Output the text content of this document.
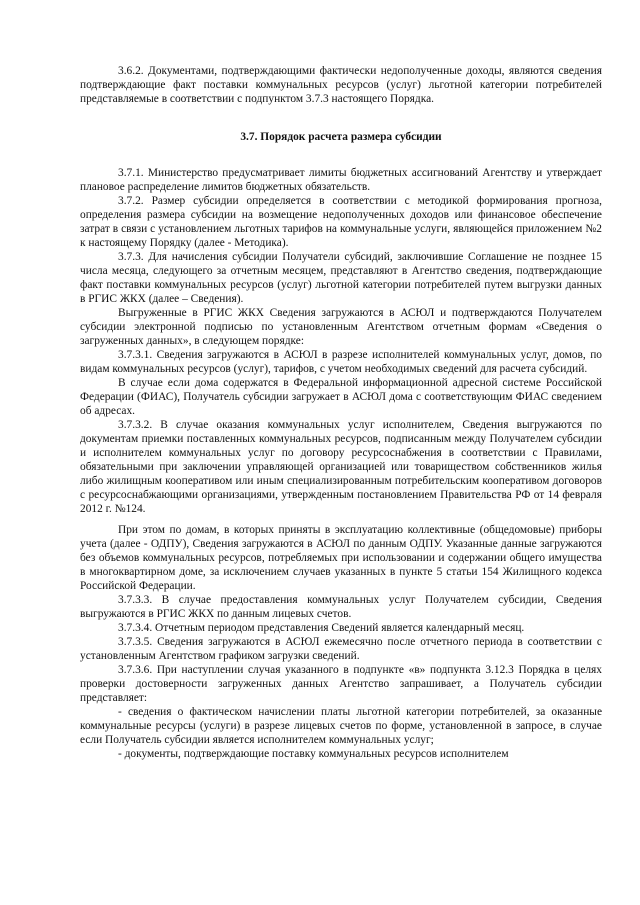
3.6.2. Документами, подтверждающими фактически недополученные доходы, являются сведения подтверждающие факт поставки коммунальных ресурсов (услуг) льготной категории потребителей представляемые в соответствии с подпунктом 3.7.3 настоящего Порядка.

3.7. Порядок расчета размера субсидии

3.7.1. Министерство предусматривает лимиты бюджетных ассигнований Агентству и утверждает плановое распределение лимитов бюджетных обязательств.

3.7.2. Размер субсидии определяется в соответствии с методикой формирования прогноза, определения размера субсидии на возмещение недополученных доходов или финансовое обеспечение затрат в связи с установлением льготных тарифов на коммунальные услуги, являющейся приложением №2 к настоящему Порядку (далее - Методика).

3.7.3. Для начисления субсидии Получатели субсидий, заключившие Соглашение не позднее 15 числа месяца, следующего за отчетным месяцем, представляют в Агентство сведения, подтверждающие факт поставки коммунальных ресурсов (услуг) льготной категории потребителей путем выгрузки данных в РГИС ЖКХ (далее – Сведения).

Выгруженные в РГИС ЖКХ Сведения загружаются в АСЮЛ и подтверждаются Получателем субсидии электронной подписью по установленным Агентством отчетным формам «Сведения о загруженных данных», в следующем порядке:

3.7.3.1. Сведения загружаются в АСЮЛ в разрезе исполнителей коммунальных услуг, домов, по видам коммунальных ресурсов (услуг), тарифов, с учетом необходимых сведений для расчета субсидий.

В случае если дома содержатся в Федеральной информационной адресной системе Российской Федерации (ФИАС), Получатель субсидии загружает в АСЮЛ дома с соответствующим ФИАС сведением об адресах.

3.7.3.2. В случае оказания коммунальных услуг исполнителем, Сведения выгружаются по документам приемки поставленных коммунальных ресурсов, подписанным между Получателем субсидии и исполнителем коммунальных услуг по договору ресурсоснабжения в соответствии с Правилами, обязательными при заключении управляющей организацией или товариществом собственников жилья либо жилищным кооперативом или иным специализированным потребительским кооперативом договоров с ресурсоснабжающими организациями, утвержденным постановлением Правительства РФ от 14 февраля 2012 г. №124.

При этом по домам, в которых приняты в эксплуатацию коллективные (общедомовые) приборы учета (далее - ОДПУ), Сведения загружаются в АСЮЛ по данным ОДПУ. Указанные данные загружаются без объемов коммунальных ресурсов, потребляемых при использовании и содержании общего имущества в многоквартирном доме, за исключением случаев указанных в пункте 5 статьи 154 Жилищного кодекса Российской Федерации.

3.7.3.3. В случае предоставления коммунальных услуг Получателем субсидии, Сведения выгружаются в РГИС ЖКХ по данным лицевых счетов.

3.7.3.4. Отчетным периодом представления Сведений является календарный месяц.

3.7.3.5. Сведения загружаются в АСЮЛ ежемесячно после отчетного периода в соответствии с установленным Агентством графиком загрузки сведений.

3.7.3.6. При наступлении случая указанного в подпункте «в» подпункта 3.12.3 Порядка в целях проверки достоверности загруженных данных Агентство запрашивает, а Получатель субсидии представляет:

- сведения о фактическом начислении платы льготной категории потребителей, за оказанные коммунальные ресурсы (услуги) в разрезе лицевых счетов по форме, установленной в запросе, в случае если Получатель субсидии является исполнителем коммунальных услуг;

- документы, подтверждающие поставку коммунальных ресурсов исполнителем
